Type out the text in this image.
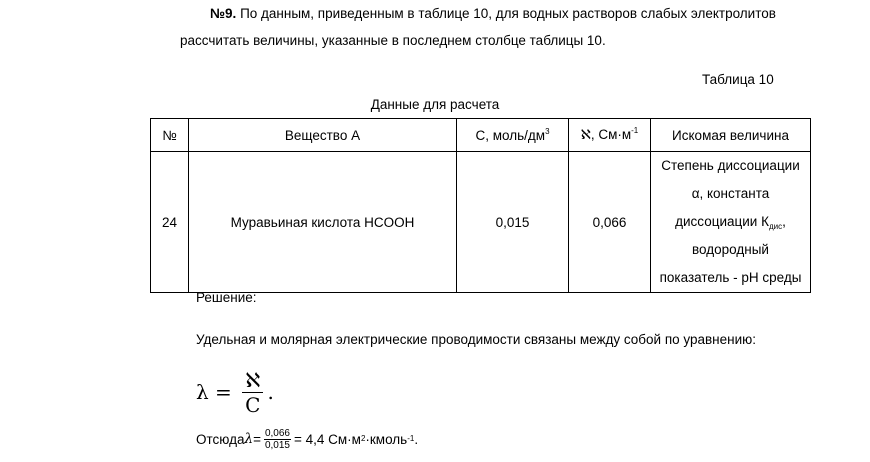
№9. По данным, приведенным в таблице 10, для водных растворов слабых электролитов
рассчитать величины, указанные в последнем столбце таблицы 10.
Таблица 10
Данные для расчета
№	Вещество А	С, моль/$дм^3$	ℵ, $См\cdot м^{-1}$	Искомая величина
24	Муравьиная кислота HCOOH	0,015	0,066	Степень диссоциации
α, константа
диссоциации $К_{дис}$,
водородный
показатель - рН среды
Решение:
Удельная и молярная электрические проводимости связаны между собой по уравнению:
λ
=
$\frac{\text{ℵ}}{C}$ .
Отсюда $\lambda = \frac{0,066}{0,015} = 4,4$ См·м 2 ·кмоль -1 .
